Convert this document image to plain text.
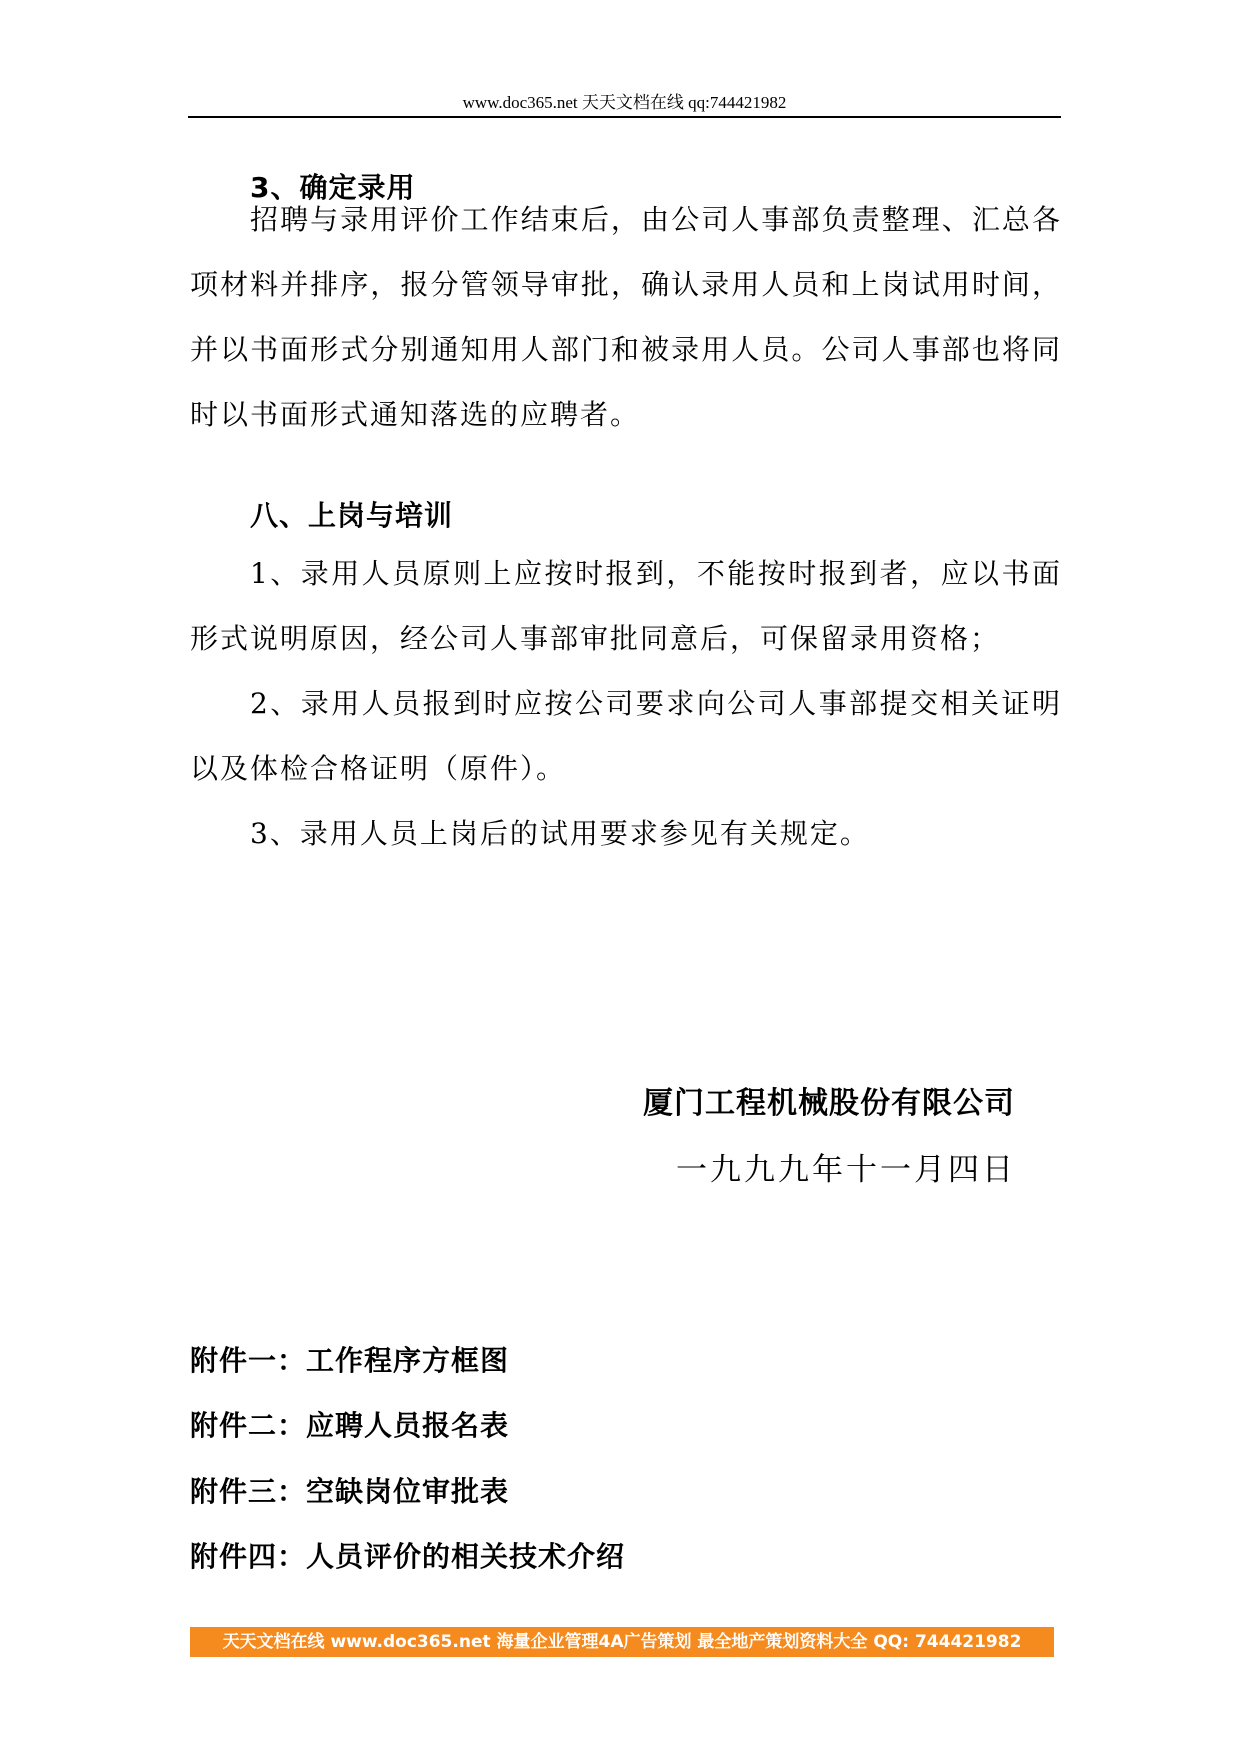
www.doc365.net 天天文档在线 qq:744421982
3、确定录用

招聘与录用评价工作结束后，由公司人事部负责整理、汇总各项材料并排序，报分管领导审批，确认录用人员和上岗试用时间，并以书面形式分别通知用人部门和被录用人员。公司人事部也将同时以书面形式通知落选的应聘者。

八、上岗与培训

1、录用人员原则上应按时报到，不能按时报到者，应以书面形式说明原因，经公司人事部审批同意后，可保留录用资格；

2、录用人员报到时应按公司要求向公司人事部提交相关证明以及体检合格证明（原件）。

3、录用人员上岗后的试用要求参见有关规定。

厦门工程机械股份有限公司
一九九九年十一月四日
附件一：工作程序方框图
附件二：应聘人员报名表
附件三：空缺岗位审批表
附件四：人员评价的相关技术介绍
天天文档在线 www.doc365.net 海量企业管理4A广告策划 最全地产策划资料大全 QQ: 744421982
